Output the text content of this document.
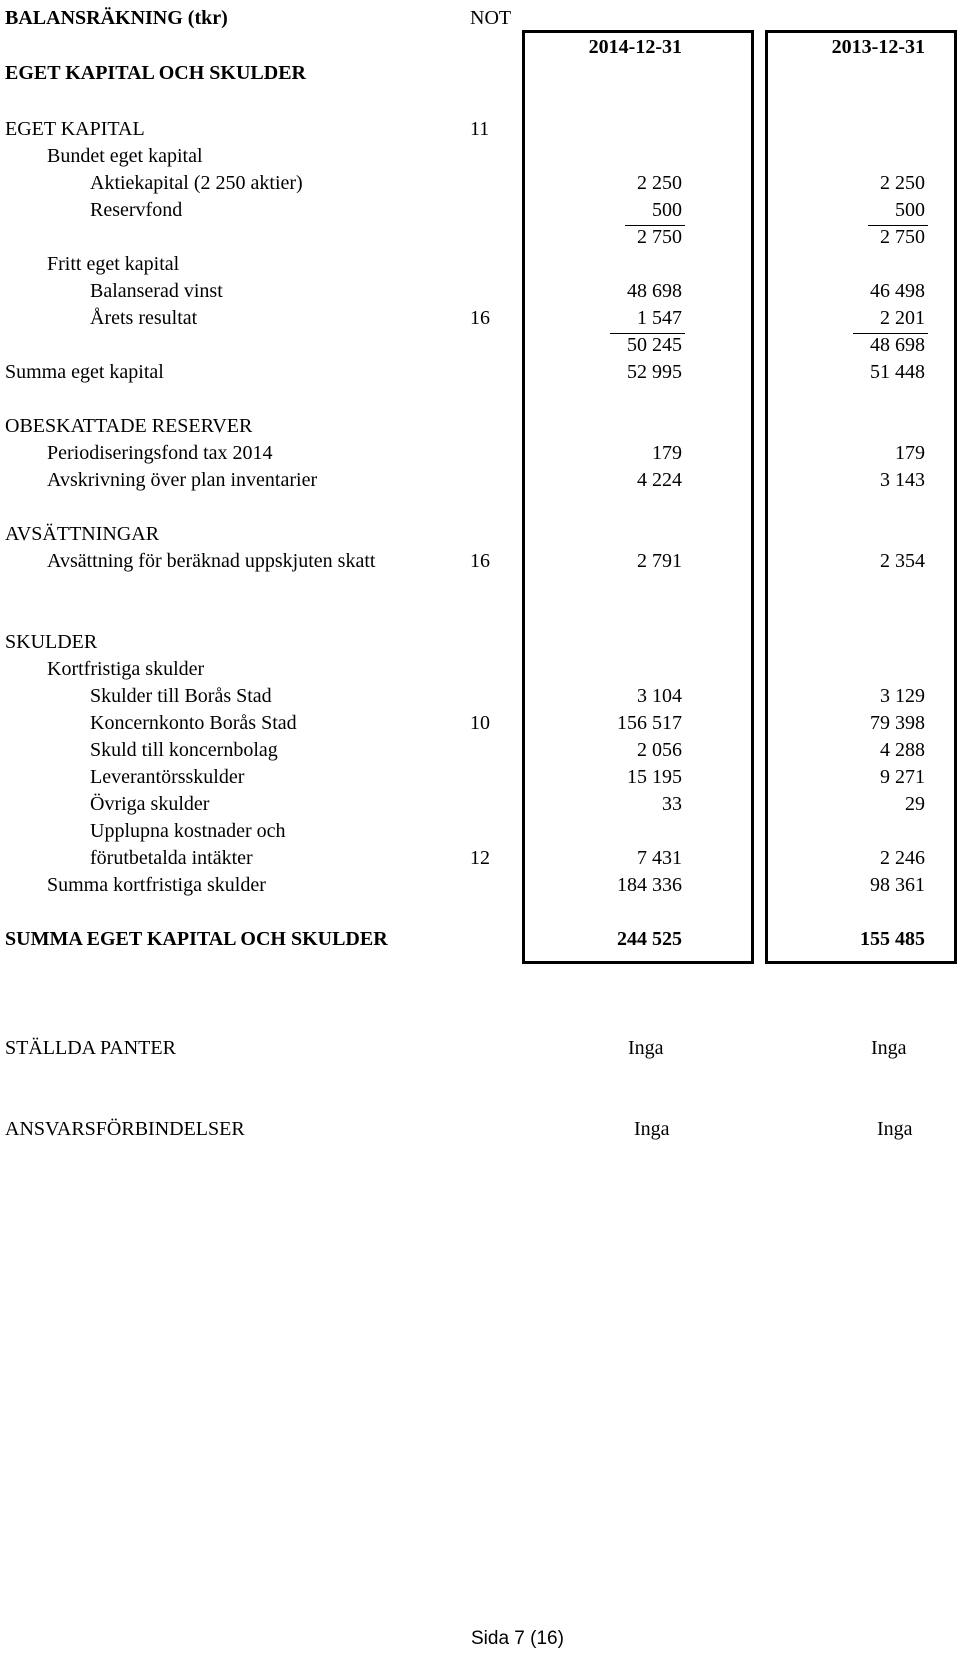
BALANSRÄKNING (tkr)	NOT
2014-12-31	2013-12-31
EGET KAPITAL OCH SKULDER
EGET KAPITAL	11
Bundet eget kapital
Aktiekapital (2 250 aktier)	2 250	2 250
Reservfond	500	500
2 750	2 750
Fritt eget kapital
Balanserad vinst	48 698	46 498
Årets resultat	16	1 547	2 201
50 245	48 698
Summa eget kapital	52 995	51 448
OBESKATTADE RESERVER
Periodiseringsfond tax 2014	179	179
Avskrivning över plan inventarier	4 224	3 143
AVSÄTTNINGAR
Avsättning för beräknad uppskjuten skatt	16	2 791	2 354
SKULDER
Kortfristiga skulder
Skulder till Borås Stad	3 104	3 129
Koncernkonto Borås Stad	10	156 517	79 398
Skuld till koncernbolag	2 056	4 288
Leverantörsskulder	15 195	9 271
Övriga skulder	33	29
Upplupna kostnader och
förutbetalda intäkter	12	7 431	2 246
Summa kortfristiga skulder	184 336	98 361
SUMMA EGET KAPITAL OCH SKULDER	244 525	155 485
STÄLLDA PANTER	Inga	Inga
ANSVARSFÖRBINDELSER	Inga	Inga
Sida 7 (16)
